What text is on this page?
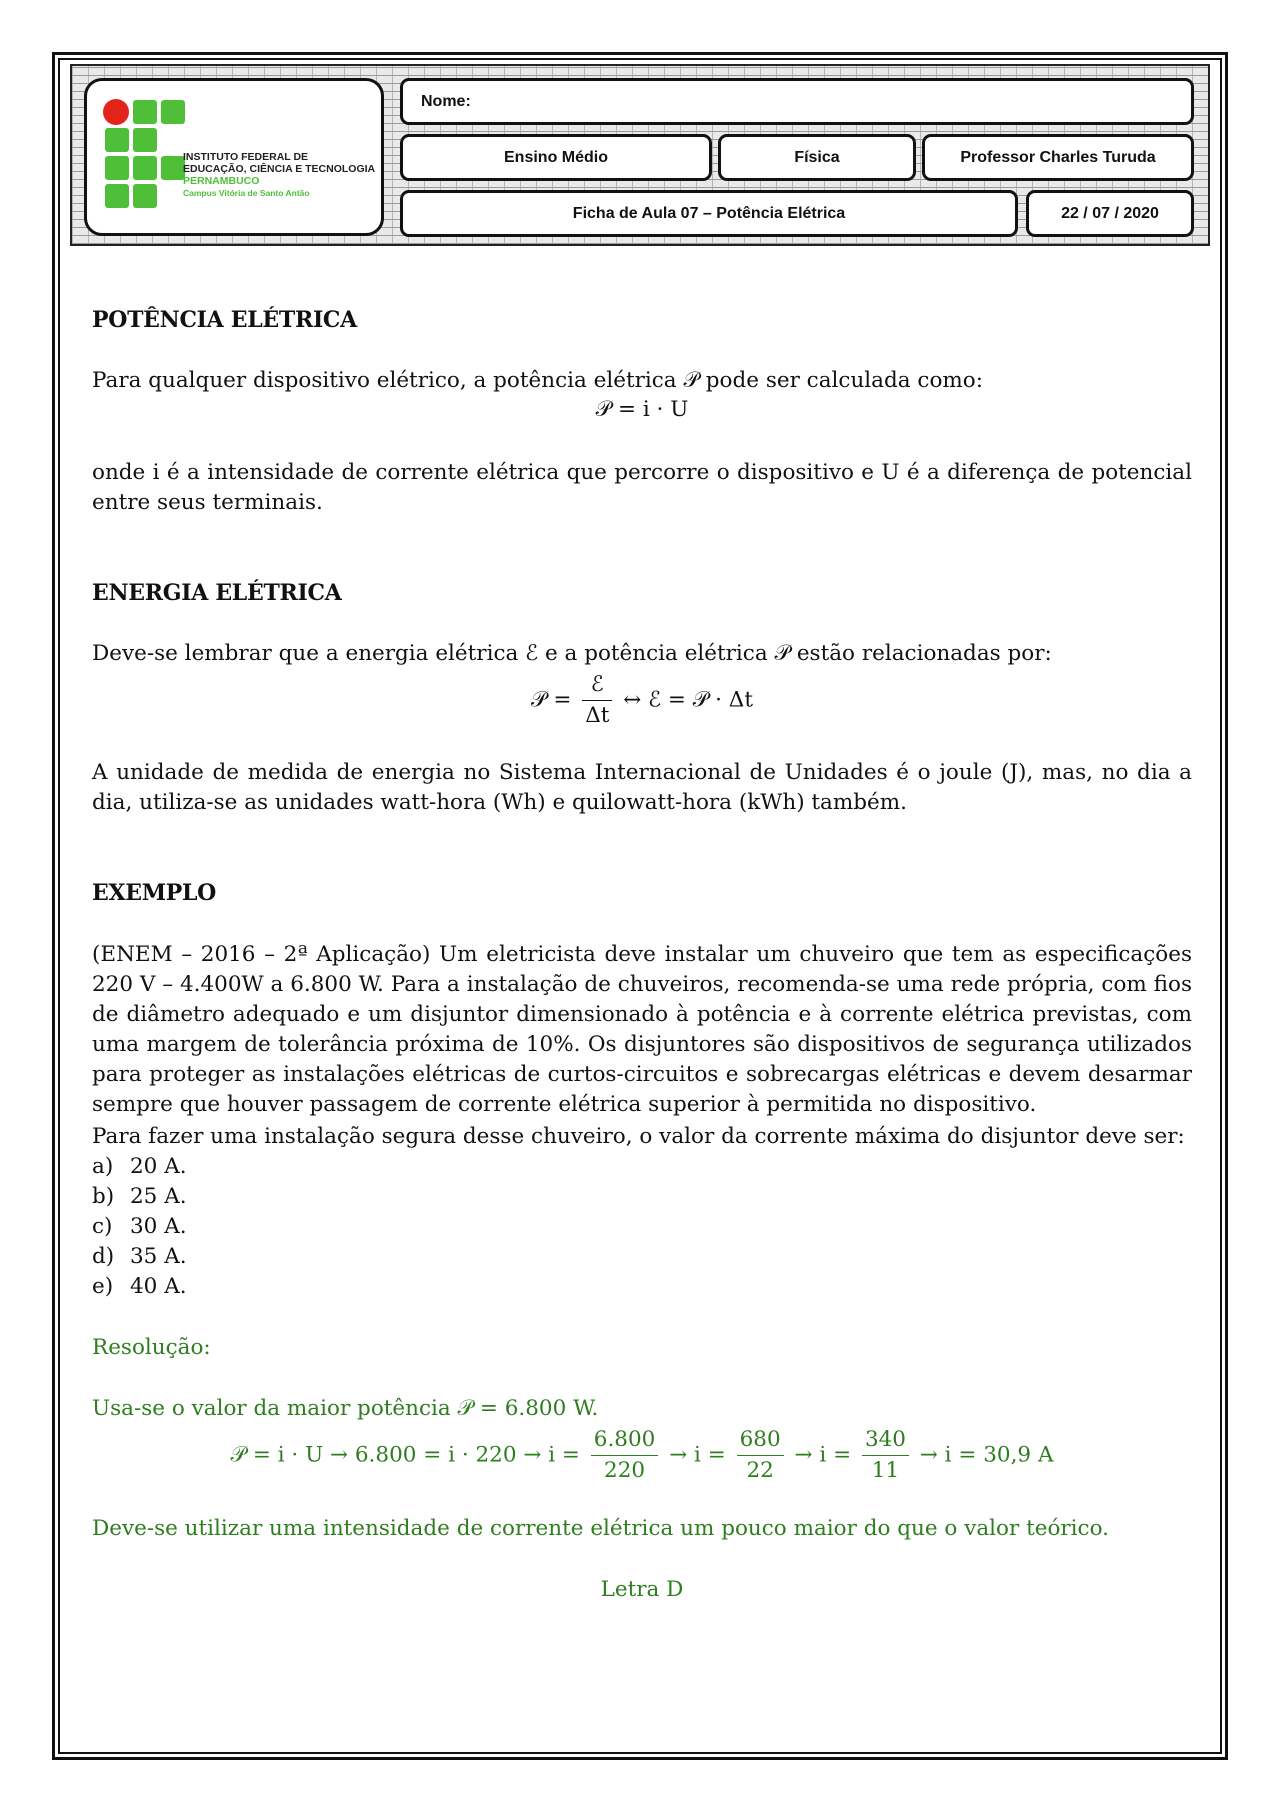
INSTITUTO FEDERAL DE
EDUCAÇÃO, CIÊNCIA E TECNOLOGIA
PERNAMBUCO
Campus Vitória de Santo Antão
Nome:
Ensino Médio	Física	Professor Charles Turuda
Ficha de Aula 07 – Potência Elétrica	22 / 07 / 2020

POTÊNCIA ELÉTRICA

Para qualquer dispositivo elétrico, a potência elétrica 𝒫 pode ser calculada como:

𝒫 = i · U

onde i é a intensidade de corrente elétrica que percorre o dispositivo e U é a diferença de potencial entre seus terminais.

ENERGIA ELÉTRICA

Deve-se lembrar que a energia elétrica ℰ e a potência elétrica 𝒫 estão relacionadas por:

𝒫 = $\frac{\text{ℰ}}{\Delta t}$ ↔ ℰ = 𝒫 · Δt

A unidade de medida de energia no Sistema Internacional de Unidades é o joule (J), mas, no dia a dia, utiliza-se as unidades watt-hora (Wh) e quilowatt-hora (kWh) também.

EXEMPLO

(ENEM – 2016 – 2ª Aplicação) Um eletricista deve instalar um chuveiro que tem as especificações 220 V – 4.400W a 6.800 W. Para a instalação de chuveiros, recomenda-se uma rede própria, com fios de diâmetro adequado e um disjuntor dimensionado à potência e à corrente elétrica previstas, com uma margem de tolerância próxima de 10%. Os disjuntores são dispositivos de segurança utilizados para proteger as instalações elétricas de curtos-circuitos e sobrecargas elétricas e devem desarmar sempre que houver passagem de corrente elétrica superior à permitida no dispositivo.

Para fazer uma instalação segura desse chuveiro, o valor da corrente máxima do disjuntor deve ser:

a) 20 A.
b) 25 A.
c) 30 A.
d) 35 A.
e) 40 A.

Resolução:

Usa-se o valor da maior potência 𝒫 = 6.800 W.

𝒫 = $i \cdot U \to 6.800 = i \cdot 220 \to i = \frac{6.800}{220} \to i = \frac{680}{22} \to i = \frac{340}{11} \to i = 30,9$ A

Deve-se utilizar uma intensidade de corrente elétrica um pouco maior do que o valor teórico.

Letra D
